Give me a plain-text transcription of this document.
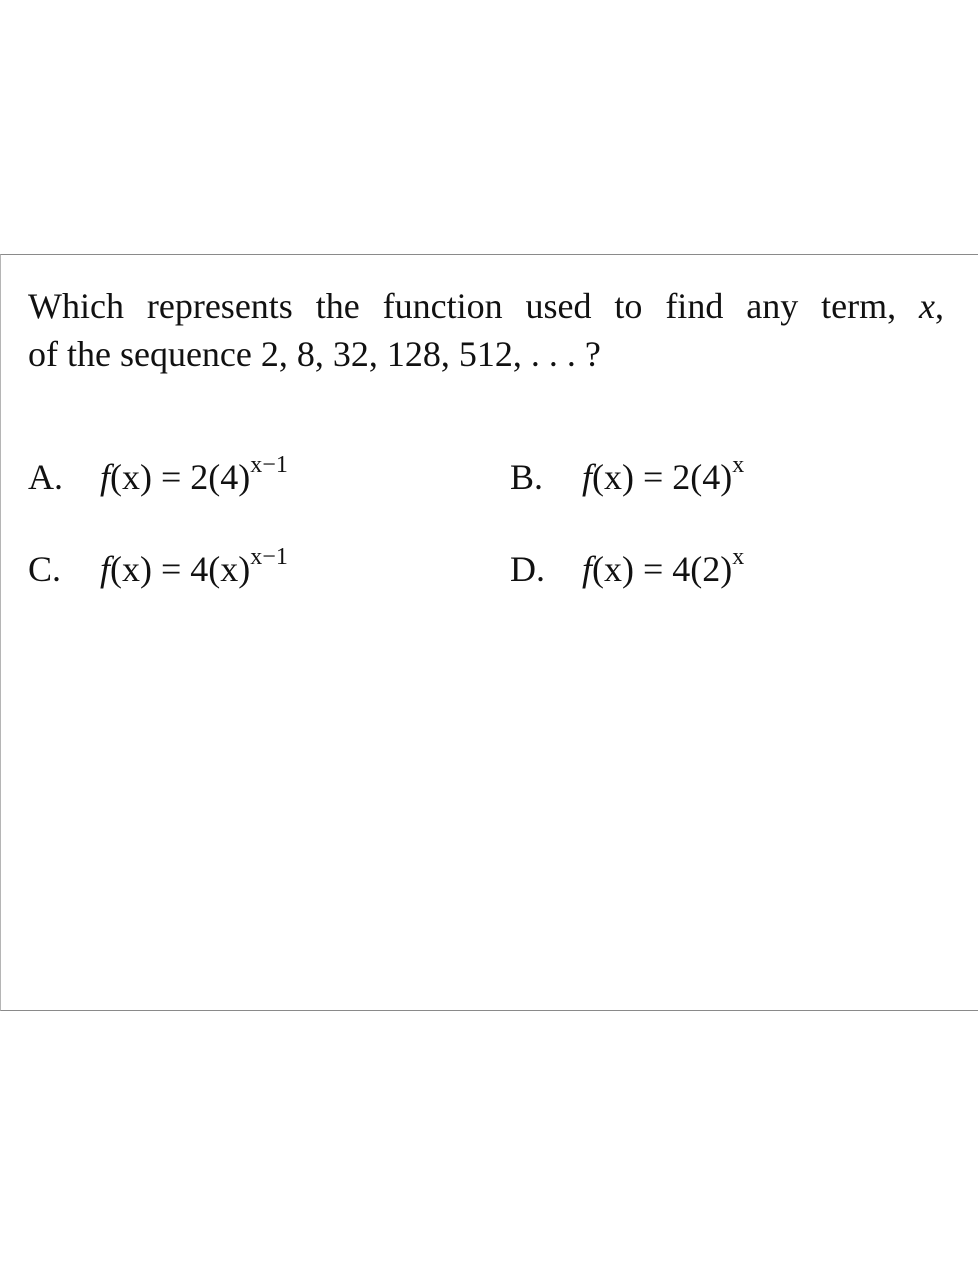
Which represents the function used to find any term, x,
of the sequence 2, 8, 32, 128, 512, . . . ?
A. $f(x) = 2(4)^{x-1}$	B. $f(x) = 2(4)^x$
C. $f(x) = 4(x)^{x-1}$	D. $f(x) = 4(2)^x$
